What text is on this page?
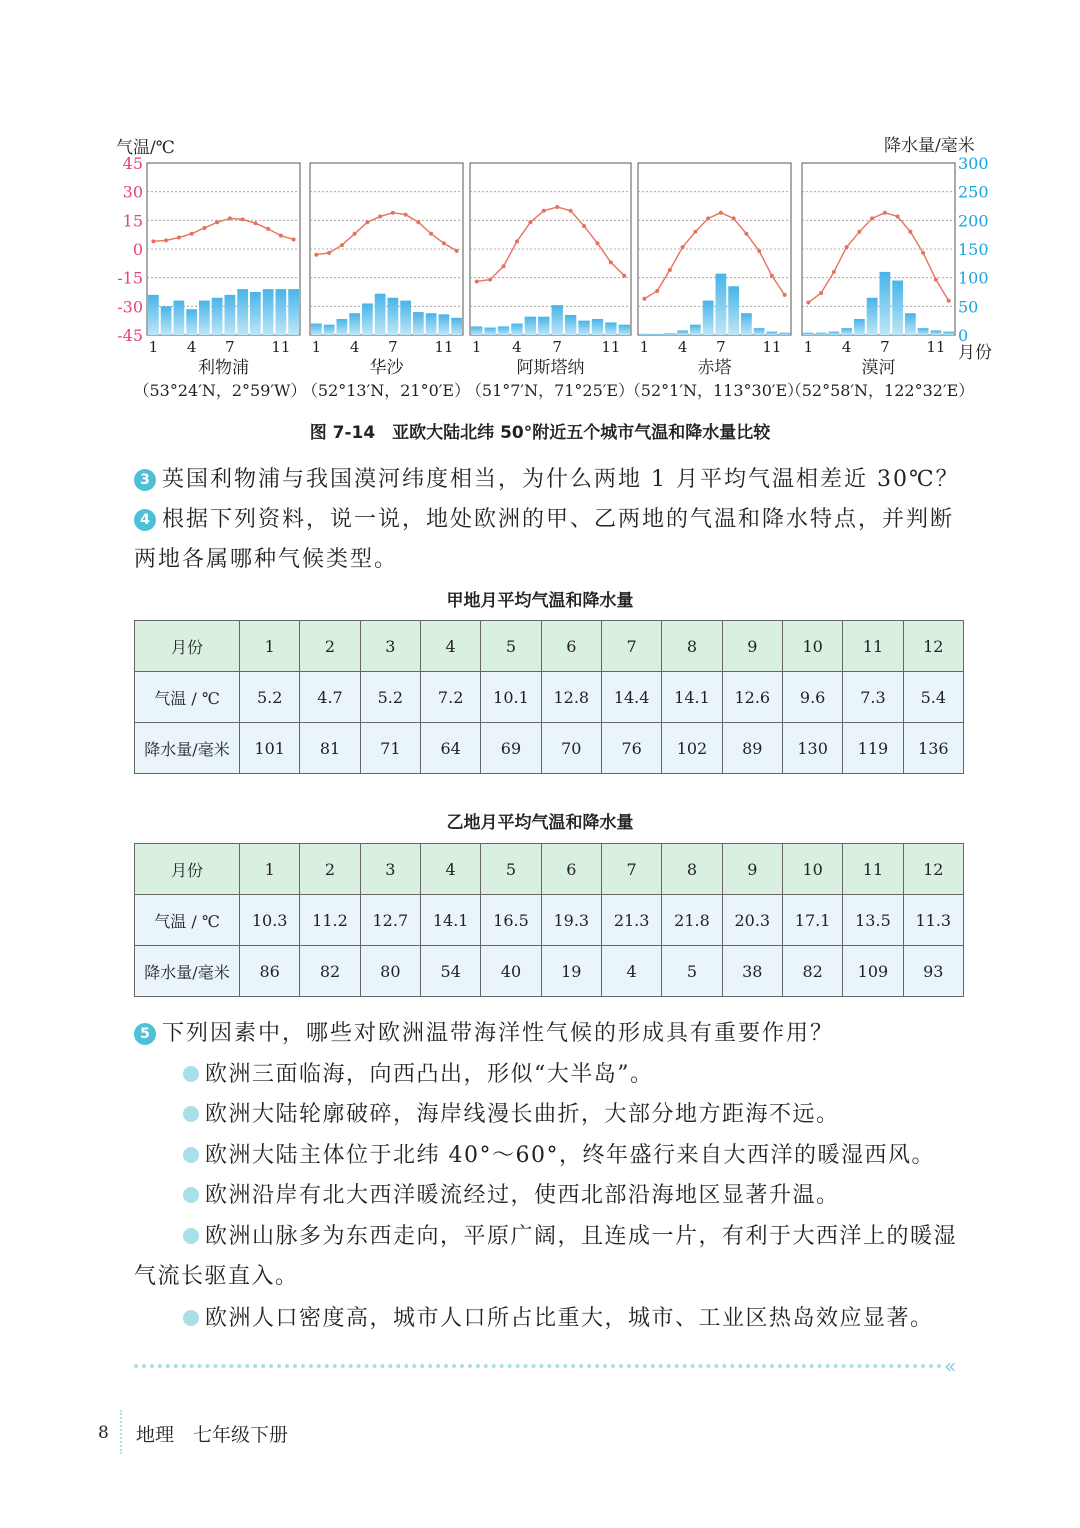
45
30
15
0
-15
-30
-45
300
250
200
150
100
50
0
月份
1 4 7 11
利物浦
1 4 7 11
华沙
1 4 7	11
阿斯塔纳
1 4 7 11
赤塔
1 4 7 11
漠河
（53°24′N，2°59′W）
（52°13′N，21°0′E）
（51°7′N，71°25′E）
（52°1′N，113°30′E）
（52°58′N，122°32′E）
气温/℃	降水量/毫米
图 7-14　亚欧大陆北纬 50°附近五个城市气温和降水量比较
3 英国利物浦与我国漠河纬度相当，为什么两地 1 月平均气温相差近 30℃？
4 根据下列资料，说一说，地处欧洲的甲、乙两地的气温和降水特点，并判断两地各属哪种气候类型。
甲地月平均气温和降水量
月份	1	2	3	4	5	6	7	8	9	10	11	12
气温 / ℃	5.2	4.7	5.2	7.2	10.1	12.8	14.4	14.1	12.6	9.6	7.3	5.4
降水量/毫米	101	81	71	64	69	70	76	102	89	130	119	136
乙地月平均气温和降水量
月份	1	2	3	4	5	6	7	8	9	10	11	12
气温 / ℃	10.3	11.2	12.7	14.1	16.5	19.3	21.3	21.8	20.3	17.1	13.5	11.3
降水量/毫米	86	82	80	54	40	19	4	5	38	82	109	93
5 下列因素中，哪些对欧洲温带海洋性气候的形成具有重要作用？
欧洲三面临海，向西凸出，形似“大半岛”。
欧洲大陆轮廓破碎，海岸线漫长曲折，大部分地方距海不远。
欧洲大陆主体位于北纬 40°～60°，终年盛行来自大西洋的暖湿西风。
欧洲沿岸有北大西洋暖流经过，使西北部沿海地区显著升温。
欧洲山脉多为东西走向，平原广阔，且连成一片，有利于大西洋上的暖湿气流长驱直入。
欧洲人口密度高，城市人口所占比重大，城市、工业区热岛效应显著。
«
8 地理　七年级下册
